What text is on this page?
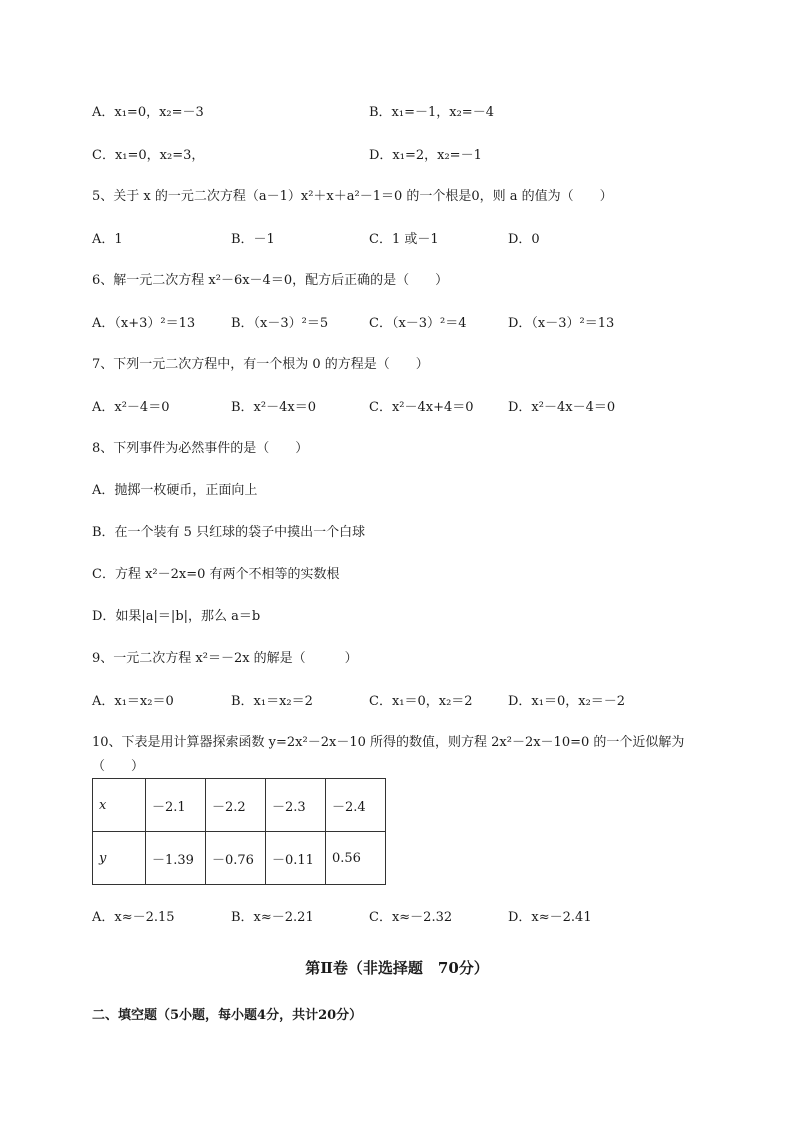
A．x₁=0，x₂=－3	B．x₁=－1，x₂=－4
C．x₁=0，x₂=3，	D．x₁=2，x₂=－1
5、关于 x 的一元二次方程（a－1）x²＋x＋a²－1＝0 的一个根是0，则 a 的值为（　　）
A．1	B．－1	C．1 或－1	D．0
6、解一元二次方程 x²－6x－4＝0，配方后正确的是（　　）
A．（x+3）²＝13	B．（x－3）²＝5	C．（x－3）²＝4	D．（x－3）²＝13
7、下列一元二次方程中，有一个根为 0 的方程是（　　）
A．x²－4＝0	B．x²－4x＝0	C．x²－4x+4＝0	D．x²－4x－4＝0
8、下列事件为必然事件的是（　　）
A．抛掷一枚硬币，正面向上
B．在一个装有 5 只红球的袋子中摸出一个白球
C．方程 x²－2x=0 有两个不相等的实数根
D．如果|a|＝|b|，那么 a＝b
9、一元二次方程 x²＝－2x 的解是（　　　）
A．x₁＝x₂＝0	B．x₁＝x₂＝2	C．x₁＝0，x₂＝2	D．x₁＝0，x₂＝－2
10、下表是用计算器探索函数 y=2x²－2x－10 所得的数值，则方程 2x²－2x－10=0 的一个近似解为
（　　）
x	－2.1	－2.2	－2.3	－2.4
y	－1.39	－0.76	－0.11	0.56
A．x≈－2.15	B．x≈－2.21	C．x≈－2.32	D．x≈－2.41
第Ⅱ卷（非选择题　70分）
二、填空题（5小题，每小题4分，共计20分）
